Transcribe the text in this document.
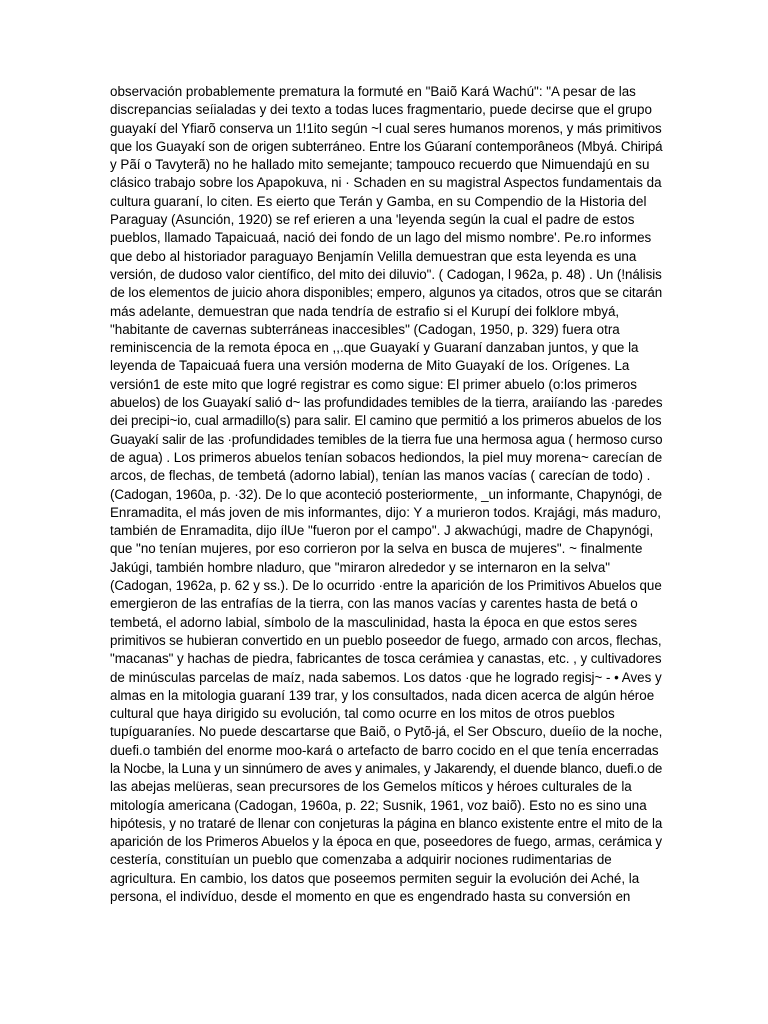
observación probablemente prematura la formuté en "Baiõ Kará Wachú": "A pesar de las
discrepancias seíialadas y dei texto a todas luces fragmentario, puede decirse que el grupo
guayakí del Yfiarõ conserva un 1!1ito según ~l cual seres humanos morenos, y más primitivos
que los Guayakí son de origen subterráneo. Entre los Gúaraní contemporâneos (Mbyá. Chiripá
y Pãí o Tavyterã) no he hallado mito semejante; tampouco recuerdo que Nimuendajú en su
clásico trabajo sobre los Apapokuva, ni · Schaden en su magistral Aspectos fundamentais da
cultura guaraní, lo citen. Es eierto que Terán y Gamba, en su Compendio de la Historia del
Paraguay (Asunción, 1920) se ref erieren a una 'leyenda según la cual el padre de estos
pueblos, llamado Tapaicuaá, nació dei fondo de un lago del mismo nombre'. Pe.ro informes
que debo al historiador paraguayo Benjamín Velilla demuestran que esta leyenda es una
versión, de dudoso valor científico, del mito dei diluvio". ( Cadogan, l 962a, p. 48) . Un (!nálisis
de los elementos de juicio ahora disponibles; empero, algunos ya citados, otros que se citarán
más adelante, demuestran que nada tendría de estrafio si el Kurupí dei folklore mbyá,
"habitante de cavernas subterráneas inaccesibles" (Cadogan, 1950, p. 329) fuera otra
reminiscencia de la remota época en ,,.que Guayakí y Guaraní danzaban juntos, y que la
leyenda de Tapaicuaá fuera una versión moderna de Mito Guayakí de los. Orígenes. La
versión1 de este mito que logré registrar es como sigue: El primer abuelo (o:los primeros
abuelos) de los Guayakí salió d~ las profundidades temibles de la tierra, araiíando las ·paredes
dei precipi~io, cual armadillo(s) para salir. El camino que permitió a los primeros abuelos de los
Guayakí salir de las ·profundidades temibles de la tierra fue una hermosa agua ( hermoso curso
de agua) . Los primeros abuelos tenían sobacos hediondos, la piel muy morena~ carecían de
arcos, de flechas, de tembetá (adorno labial), tenían las manos vacías ( carecían de todo) .
(Cadogan, 1960a, p. ·32). De lo que aconteció posteriormente, _un informante, Chapynógi, de
Enramadita, el más joven de mis informantes, dijo: Y a murieron todos. Krajági, más maduro,
también de Enramadita, dijo ílUe "fueron por el campo". J akwachúgi, madre de Chapynógi,
que "no tenían mujeres, por eso corrieron por la selva en busca de mujeres". ~ finalmente
Jakúgi, también hombre nladuro, que "miraron alrededor y se internaron en la selva"
(Cadogan, 1962a, p. 62 y ss.). De lo ocurrido ·entre la aparición de los Primitivos Abuelos que
emergieron de las entrafías de la tierra, con las manos vacías y carentes hasta de betá o
tembetá, el adorno labial, símbolo de la masculinidad, hasta la época en que estos seres
primitivos se hubieran convertido en un pueblo poseedor de fuego, armado con arcos, flechas,
"macanas" y hachas de piedra, fabricantes de tosca cerámiea y canastas, etc. , y cultivadores
de minúsculas parcelas de maíz, nada sabemos. Los datos ·que he logrado regisj~ - • Aves y
almas en la mitologia guaraní 139 trar, y los consultados, nada dicen acerca de algún héroe
cultural que haya dirigido su evolución, tal como ocurre en los mitos de otros pueblos
tupíguaraníes. No puede descartarse que Baiõ, o Pytõ-já, el Ser Obscuro, dueíio de la noche,
duefi.o también del enorme moo-kará o artefacto de barro cocido en el que tenía encerradas
la Nocbe, la Luna y un sinnúmero de aves y animales, y Jakarendy, el duende blanco, duefi.o de
las abejas melüeras, sean precursores de los Gemelos míticos y héroes culturales de la
mitología americana (Cadogan, 1960a, p. 22; Susnik, 1961, voz baiõ). Esto no es sino una
hipótesis, y no trataré de llenar con conjeturas la página en blanco existente entre el mito de la
aparición de los Primeros Abuelos y la época en que, poseedores de fuego, armas, cerámica y
cestería, constituían un pueblo que comenzaba a adquirir nociones rudimentarias de
agricultura. En cambio, los datos que poseemos permiten seguir la evolución dei Aché, la
persona, el indivíduo, desde el momento en que es engendrado hasta su conversión en
